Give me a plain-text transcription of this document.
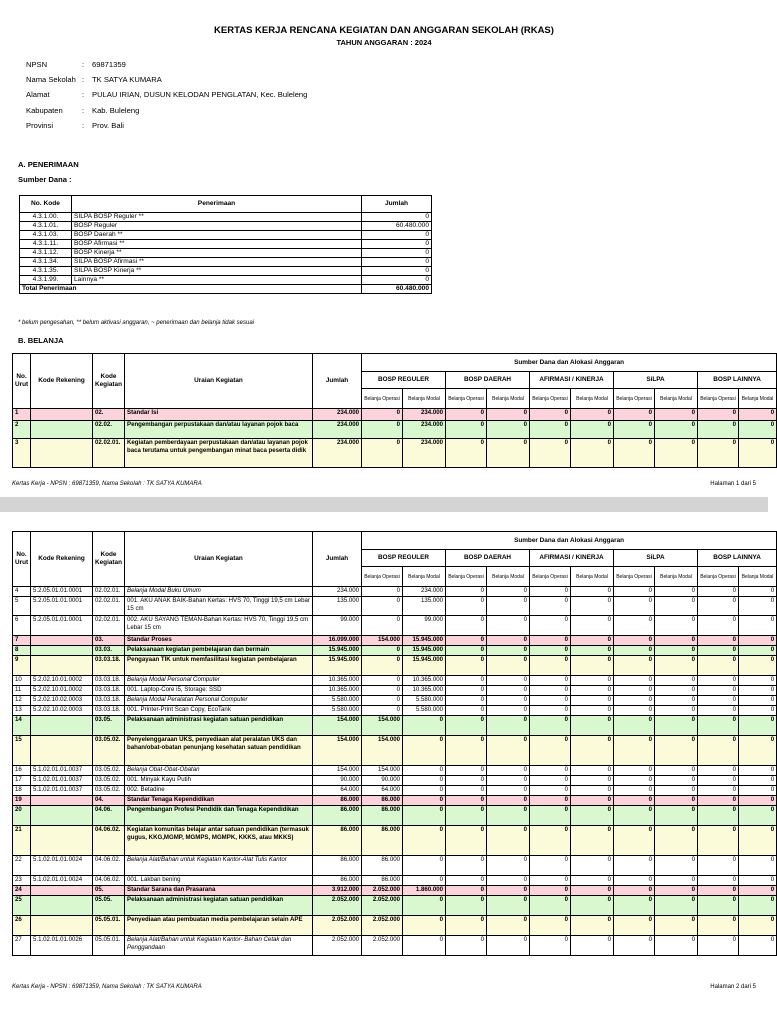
KERTAS KERJA RENCANA KEGIATAN DAN ANGGARAN SEKOLAH (RKAS)
TAHUN ANGGARAN : 2024
NPSN	:	69871359
Nama Sekolah :	TK SATYA KUMARA
Alamat	:	PULAU IRIAN, DUSUN KELODAN PENGLATAN, Kec. Buleleng
Kabupaten	:	Kab. Buleleng
Provinsi	:	Prov. Bali
A. PENERIMAAN
Sumber Dana :
No. Kode	Penerimaan	Jumlah
4.3.1.00.	SILPA BOSP Reguler **	0
4.3.1.01.	BOSP Reguler	60.480.000
4.3.1.03.	BOSP Daerah **	0
4.3.1.11.	BOSP Afirmasi **	0
4.3.1.12.	BOSP Kinerja **	0
4.3.1.34.	SILPA BOSP Afirmasi **	0
4.3.1.35.	SILPA BOSP Kinerja **	0
4.3.1.99.	Lainnya **	0
Total Penerimaan		60.480.000
* belum pengesahan, ** belum aktivasi anggaran, ~ penerimaan dan belanja tidak sesuai
B. BELANJA
No. Urut	Kode Rekening	Kode Kegiatan	Uraian Kegiatan	Jumlah	Sumber Dana dan Alokasi Anggaran									
					BOSP REGULER		BOSP DAERAH		AFIRMASI / KINERJA		SiLPA		BOSP LAINNYA	
					Belanja Operasi	Belanja Modal	Belanja Operasi	Belanja Modal	Belanja Operasi	Belanja Modal	Belanja Operasi	Belanja Modal	Belanja Operasi	Belanja Modal
1		02.	Standar Isi	234.000	0	234.000	0	0	0	0	0	0	0	0
2		02.02.	Pengembangan perpustakaan dan/atau layanan pojok baca	234.000	0	234.000	0	0	0	0	0	0	0	0
3		02.02.01.	Kegiatan pemberdayaan perpustakaan dan/atau layanan pojok baca terutama untuk pengembangan minat baca peserta didik	234.000	0	234.000	0	0	0	0	0	0	0	0
Kertas Kerja - NPSN : 69871359, Nama Sekolah : TK SATYA KUMARA	Halaman 1 dari 5
No. Urut	Kode Rekening	Kode Kegiatan	Uraian Kegiatan	Jumlah	Sumber Dana dan Alokasi Anggaran									
					BOSP REGULER		BOSP DAERAH		AFIRMASI / KINERJA		SiLPA		BOSP LAINNYA	
					Belanja Operasi	Belanja Modal	Belanja Operasi	Belanja Modal	Belanja Operasi	Belanja Modal	Belanja Operasi	Belanja Modal	Belanja Operasi	Belanja Modal
4	5.2.05.01.01.0001	02.02.01.	Belanja Modal Buku Umum	234.000	0	234.000	0	0	0	0	0	0	0	0
5	5.2.05.01.01.0001	02.02.01.	001. AKU ANAK BAIK-Bahan Kertas: HVS 70, Tinggi 19,5 cm Lebar 15 cm	135.000	0	135.000	0	0	0	0	0	0	0	0
6	5.2.05.01.01.0001	02.02.01.	002. AKU SAYANG TEMAN-Bahan Kertas: HVS 70, Tinggi 19,5 cm Lebar 15 cm	99.000	0	99.000	0	0	0	0	0	0	0	0
7		03.	Standar Proses	16.099.000	154.000	15.945.000	0	0	0	0	0	0	0	0
8		03.03.	Pelaksanaan kegiatan pembelajaran dan bermain	15.945.000	0	15.945.000	0	0	0	0	0	0	0	0
9		03.03.18.	Pengayaan TIK untuk memfasilitasi kegiatan pembelajaran	15.945.000	0	15.945.000	0	0	0	0	0	0	0	0
10	5.2.02.10.01.0002	03.03.18.	Belanja Modal Personal Computer	10.365.000	0	10.365.000	0	0	0	0	0	0	0	0
11	5.2.02.10.01.0002	03.03.18.	001. Laptop-Core i5, Storage: SSD	10.365.000	0	10.365.000	0	0	0	0	0	0	0	0
12	5.2.02.10.02.0003	03.03.18.	Belanja Modal Peralatan Personal Computer	5.580.000	0	5.580.000	0	0	0	0	0	0	0	0
13	5.2.02.10.02.0003	03.03.18.	001. Printer-Print Scan Copy, EcoTank	5.580.000	0	5.580.000	0	0	0	0	0	0	0	0
14		03.05.	Pelaksanaan administrasi kegiatan satuan pendidikan	154.000	154.000	0	0	0	0	0	0	0	0	0
15		03.05.02.	Penyelenggaraan UKS, penyediaan alat peralatan UKS dan bahan/obat-obatan penunjang kesehatan satuan pendidikan	154.000	154.000	0	0	0	0	0	0	0	0	0
16	5.1.02.01.01.0037	03.05.02.	Belanja Obat-Obat-Obatan	154.000	154.000	0	0	0	0	0	0	0	0	0
17	5.1.02.01.01.0037	03.05.02.	001. Minyak Kayu Putih	90.000	90.000	0	0	0	0	0	0	0	0	0
18	5.1.02.01.01.0037	03.05.02.	002. Betadine	64.000	64.000	0	0	0	0	0	0	0	0	0
19		04.	Standar Tenaga Kependidikan	86.000	86.000	0	0	0	0	0	0	0	0	0
20		04.06.	Pengembangan Profesi Pendidik dan Tenaga Kependidikan	86.000	86.000	0	0	0	0	0	0	0	0	0
21		04.06.02.	Kegiatan komunitas belajar antar satuan pendidikan (termasuk gugus, KKG,MGMP, MGMPS, MGMPK, KKKS, atau MKKS)	86.000	86.000	0	0	0	0	0	0	0	0	0
22	5.1.02.01.01.0024	04.06.02.	Belanja Alat/Bahan untuk Kegiatan Kantor-Alat Tulis Kantor	86.000	86.000	0	0	0	0	0	0	0	0	0
23	5.1.02.01.01.0024	04.06.02.	001. Lakban bening	86.000	86.000	0	0	0	0	0	0	0	0	0
24		05.	Standar Sarana dan Prasarana	3.912.000	2.052.000	1.860.000	0	0	0	0	0	0	0	0
25		05.05.	Pelaksanaan administrasi kegiatan satuan pendidikan	2.052.000	2.052.000	0	0	0	0	0	0	0	0	0
26		05.05.01.	Penyediaan atau pembuatan media pembelajaran selain APE	2.052.000	2.052.000	0	0	0	0	0	0	0	0	0
27	5.1.02.01.01.0026	05.05.01.	Belanja Alat/Bahan untuk Kegiatan Kantor- Bahan Cetak dan Penggandaan	2.052.000	2.052.000	0	0	0	0	0	0	0	0	0
Kertas Kerja - NPSN : 69871359, Nama Sekolah : TK SATYA KUMARA	Halaman 2 dari 5
